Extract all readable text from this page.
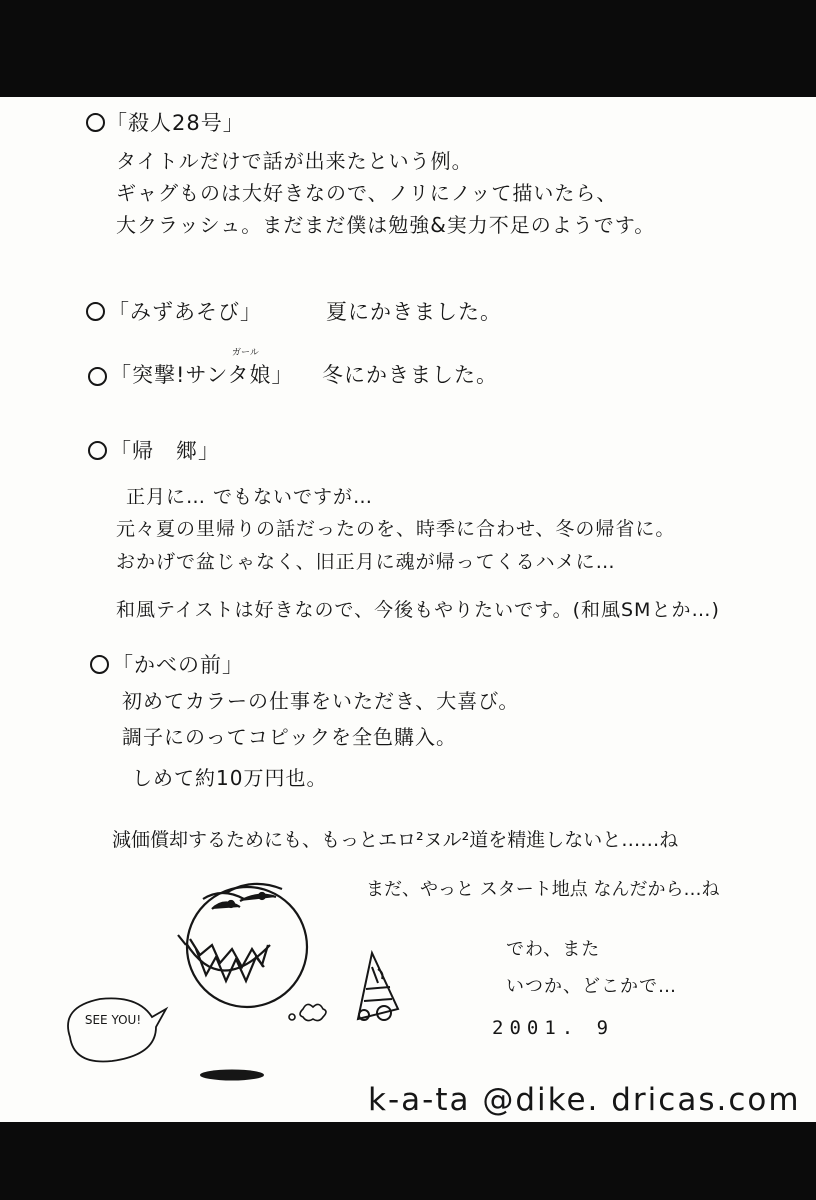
「殺人28号」
タイトルだけで話が出来たという例。
ギャグものは大好きなので、ノリにノッて描いたら、
大クラッシュ。まだまだ僕は勉強&実力不足のようです。
「みずあそび」	夏にかきました。
ガール
「突撃!サンタ娘」 冬にかきました。
「帰　郷」
正月に… でもないですが…
元々夏の里帰りの話だったのを、時季に合わせ、冬の帰省に。
おかげで盆じゃなく、旧正月に魂が帰ってくるハメに…
和風テイストは好きなので、今後もやりたいです。(和風SMとか…)
「かべの前」
初めてカラーの仕事をいただき、大喜び。
調子にのってコピックを全色購入。
しめて約10万円也。
減価償却するためにも、もっとエロ²ヌル²道を精進しないと……ね
まだ、やっと スタート地点 なんだから…ね
でわ、また
いつか、どこかで…
2001. 9
SEE YOU!
k-a-ta @dike. dricas.com
